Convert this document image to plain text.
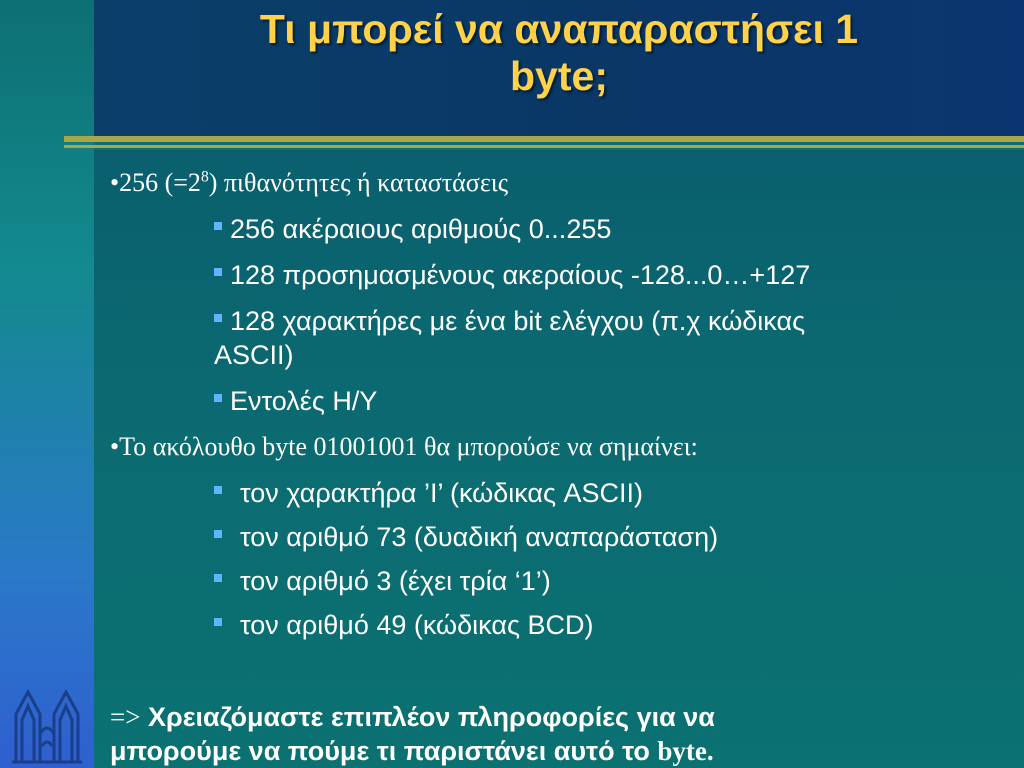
Τι μπορεί να αναπαραστήσει 1
byte;
•256 $(=2^8)$ πιθανότητες ή καταστάσεις
256 ακέραιους αριθμούς 0...255
128 προσημασμένους ακεραίους -128...0…+127
128 χαρακτήρες με ένα bit ελέγχου (π.χ κώδικας
ASCII)
Εντολές Η/Υ
•Το ακόλουθο byte 01001001 θα μπορούσε να σημαίνει:
τον χαρακτήρα ’I’ (κώδικας ASCII)
τον αριθμό 73 (δυαδική αναπαράσταση)
τον αριθμό 3 (έχει τρία ‘1’)
τον αριθμό 49 (κώδικας BCD)
=> Χρειαζόμαστε επιπλέον πληροφορίες για να
μπορούμε να πούμε τι παριστάνει αυτό το byte.
